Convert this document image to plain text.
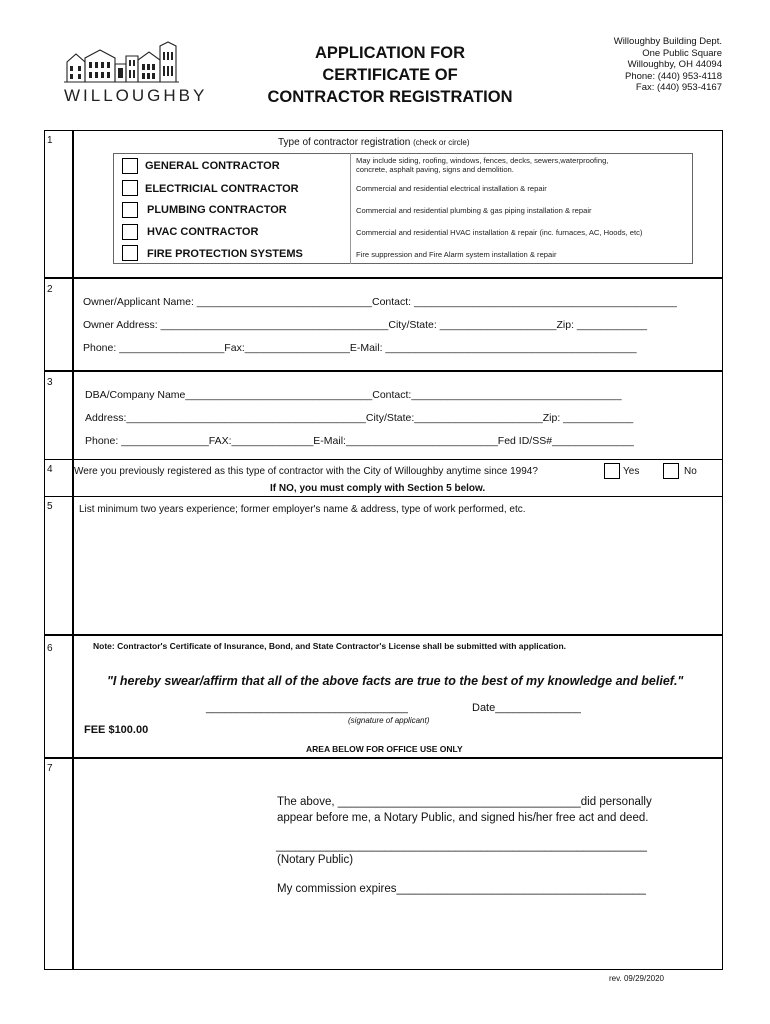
WILLOUGHBY
APPLICATION FOR
CERTIFICATE OF
CONTRACTOR REGISTRATION
Willoughby Building Dept.
One Public Square
Willoughby, OH 44094
Phone: (440) 953-4118
Fax: (440) 953-4167
1	Type of contractor registration (check or circle)
GENERAL CONTRACTOR	May include siding, roofing, windows, fences, decks, sewers,waterproofing,
concrete, asphalt paving, signs and demolition.
ELECTRICIAL CONTRACTOR	Commercial and residential electrical installation & repair
PLUMBING CONTRACTOR	Commercial and residential plumbing & gas piping installation & repair
HVAC CONTRACTOR	Commercial and residential HVAC installation & repair (inc. furnaces, AC, Hoods, etc)
FIRE PROTECTION SYSTEMS	Fire suppression and Fire Alarm system installation & repair
2
Owner/Applicant Name: ______________________________Contact: _____________________________________________
Owner Address: _______________________________________City/State: ____________________Zip: ____________
Phone: __________________Fax:__________________E-Mail: ___________________________________________
3
DBA/Company Name________________________________Contact:____________________________________
Address:_________________________________________City/State:______________________Zip: ____________
Phone: _______________FAX:______________E-Mail:__________________________Fed ID/SS#______________
4 Were you previously registered as this type of contractor with the City of Willoughby anytime since 1994?	Yes	No
If NO, you must comply with Section 5 below.
5	List minimum two years experience; former employer's name & address, type of work performed, etc.
6	Note: Contractor's Certificate of Insurance, Bond, and State Contractor's License shall be submitted with application.
"I hereby swear/affirm that all of the above facts are true to the best of my knowledge and belief."
_________________________________	Date______________
(signature of applicant)
FEE $100.00
AREA BELOW FOR OFFICE USE ONLY
7
The above, ______________________________________did personally
appear before me, a Notary Public, and signed his/her free act and deed.
__________________________________________________________
(Notary Public)
My commission expires_______________________________________
rev. 09/29/2020
